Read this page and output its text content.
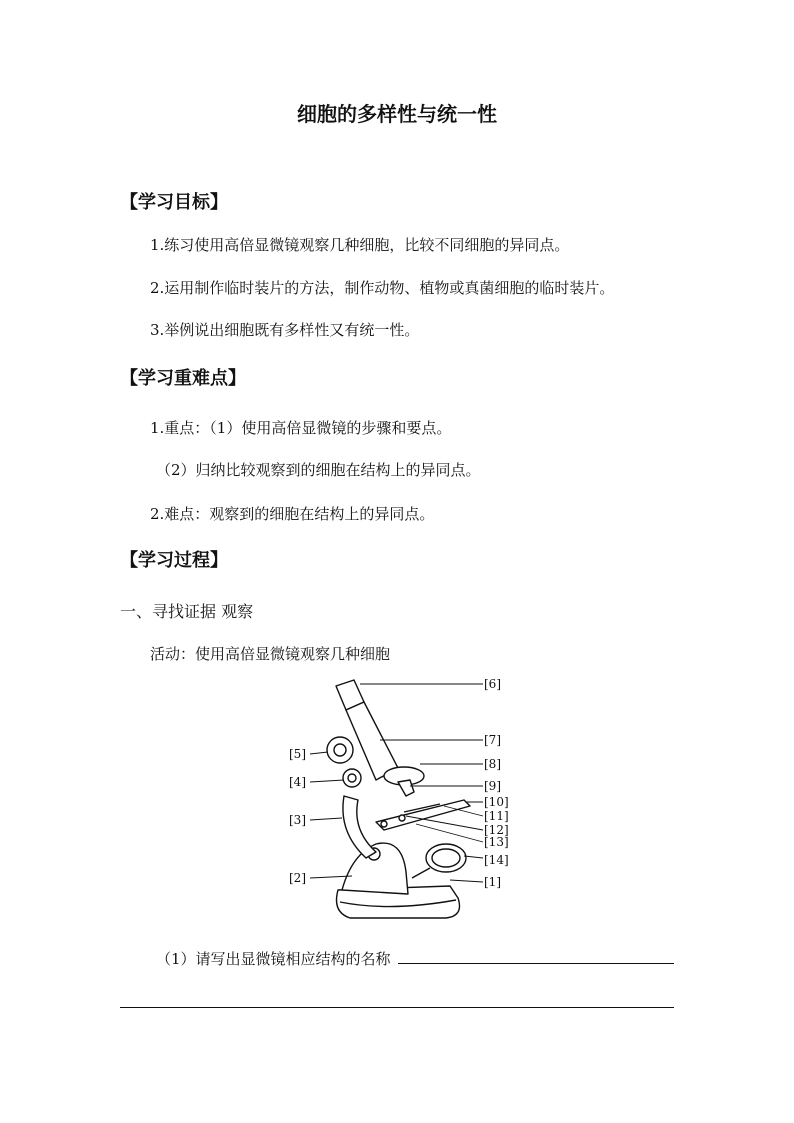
细胞的多样性与统一性
【学习目标】
1.练习使用高倍显微镜观察几种细胞，比较不同细胞的异同点。
2.运用制作临时装片的方法，制作动物、植物或真菌细胞的临时装片。
3.举例说出细胞既有多样性又有统一性。
【学习重难点】
1.重点：（1）使用高倍显微镜的步骤和要点。
（2）归纳比较观察到的细胞在结构上的异同点。
2.难点：观察到的细胞在结构上的异同点。
【学习过程】
一、寻找证据 观察
活动：使用高倍显微镜观察几种细胞
[5]
[4]
[3]
[2]
[6]
[7]
[8]
[9]
[10]
[11]
[12]
[13]
[14]
[1]
（1）请写出显微镜相应结构的名称
